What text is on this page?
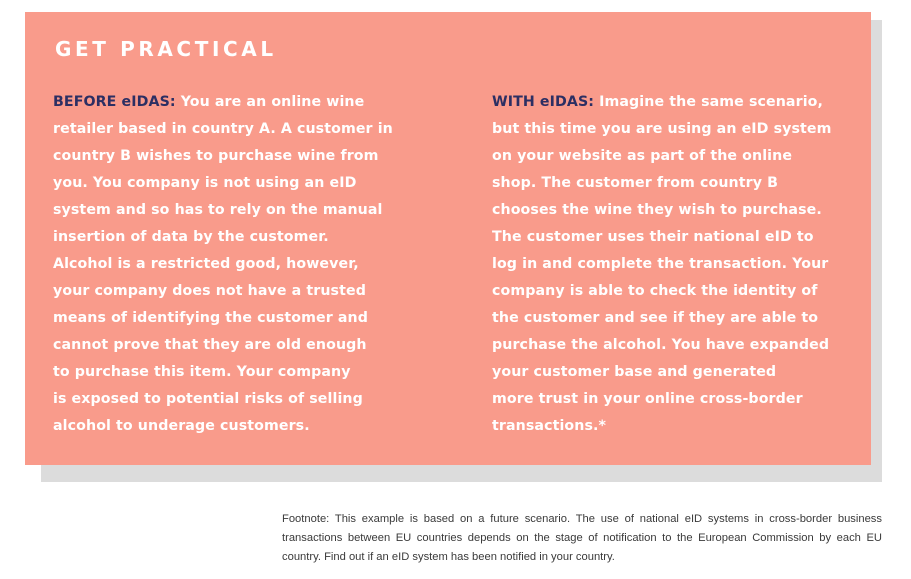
GET PRACTICAL
BEFORE eIDAS: You are an online wine
retailer based in country A. A customer in
country B wishes to purchase wine from
you. You company is not using an eID
system and so has to rely on the manual
insertion of data by the customer.
Alcohol is a restricted good, however,
your company does not have a trusted
means of identifying the customer and
cannot prove that they are old enough
to purchase this item. Your company
is exposed to potential risks of selling
alcohol to underage customers.
WITH eIDAS: Imagine the same scenario,
but this time you are using an eID system
on your website as part of the online
shop. The customer from country B
chooses the wine they wish to purchase.
The customer uses their national eID to
log in and complete the transaction. Your
company is able to check the identity of
the customer and see if they are able to
purchase the alcohol. You have expanded
your customer base and generated
more trust in your online cross-border
transactions.*

Footnote: This example is based on a future scenario. The use of national eID systems in cross-border business transactions between EU countries depends on the stage of notification to the European Commission by each EU country. Find out if an eID system has been notified in your country.
